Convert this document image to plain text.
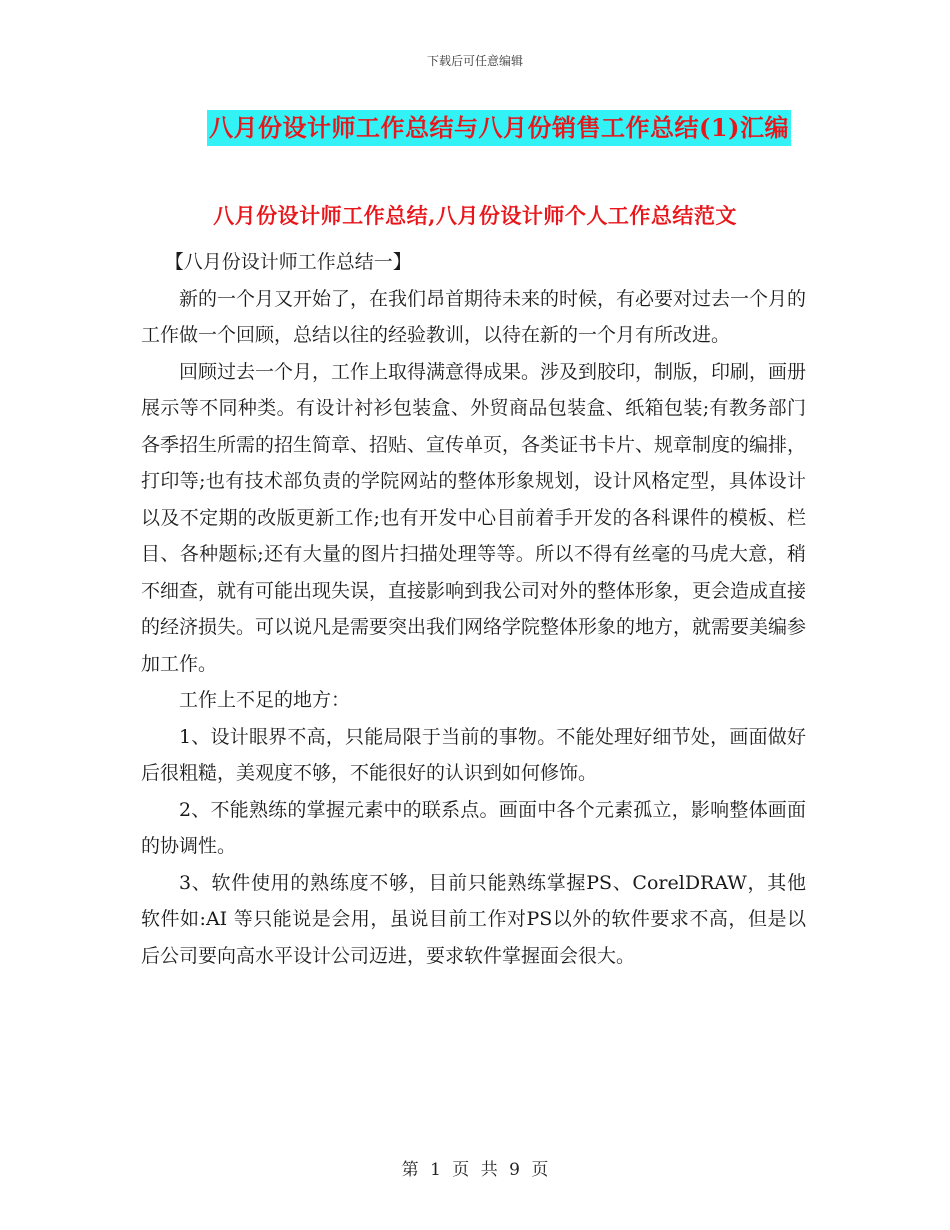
下载后可任意编辑
八月份设计师工作总结与八月份销售工作总结(1)汇编
八月份设计师工作总结,八月份设计师个人工作总结范文

【八月份设计师工作总结一】

新的一个月又开始了，在我们昂首期待未来的时候，有必要对过去一个月的工作做一个回顾，总结以往的经验教训，以待在新的一个月有所改进。

回顾过去一个月，工作上取得满意得成果。涉及到胶印，制版，印刷，画册展示等不同种类。有设计衬衫包装盒、外贸商品包装盒、纸箱包装;有教务部门各季招生所需的招生简章、招贴、宣传单页，各类证书卡片、规章制度的编排，打印等;也有技术部负责的学院网站的整体形象规划，设计风格定型，具体设计以及不定期的改版更新工作;也有开发中心目前着手开发的各科课件的模板、栏目、各种题标;还有大量的图片扫描处理等等。所以不得有丝毫的马虎大意，稍不细查，就有可能出现失误，直接影响到我公司对外的整体形象，更会造成直接的经济损失。可以说凡是需要突出我们网络学院整体形象的地方，就需要美编参加工作。

工作上不足的地方：

1、设计眼界不高，只能局限于当前的事物。不能处理好细节处，画面做好后很粗糙，美观度不够，不能很好的认识到如何修饰。

2、不能熟练的掌握元素中的联系点。画面中各个元素孤立，影响整体画面的协调性。

3、软件使用的熟练度不够，目前只能熟练掌握PS、CorelDRAW，其他软件如:AI 等只能说是会用，虽说目前工作对PS以外的软件要求不高，但是以后公司要向高水平设计公司迈进，要求软件掌握面会很大。

第 1 页 共 9 页
